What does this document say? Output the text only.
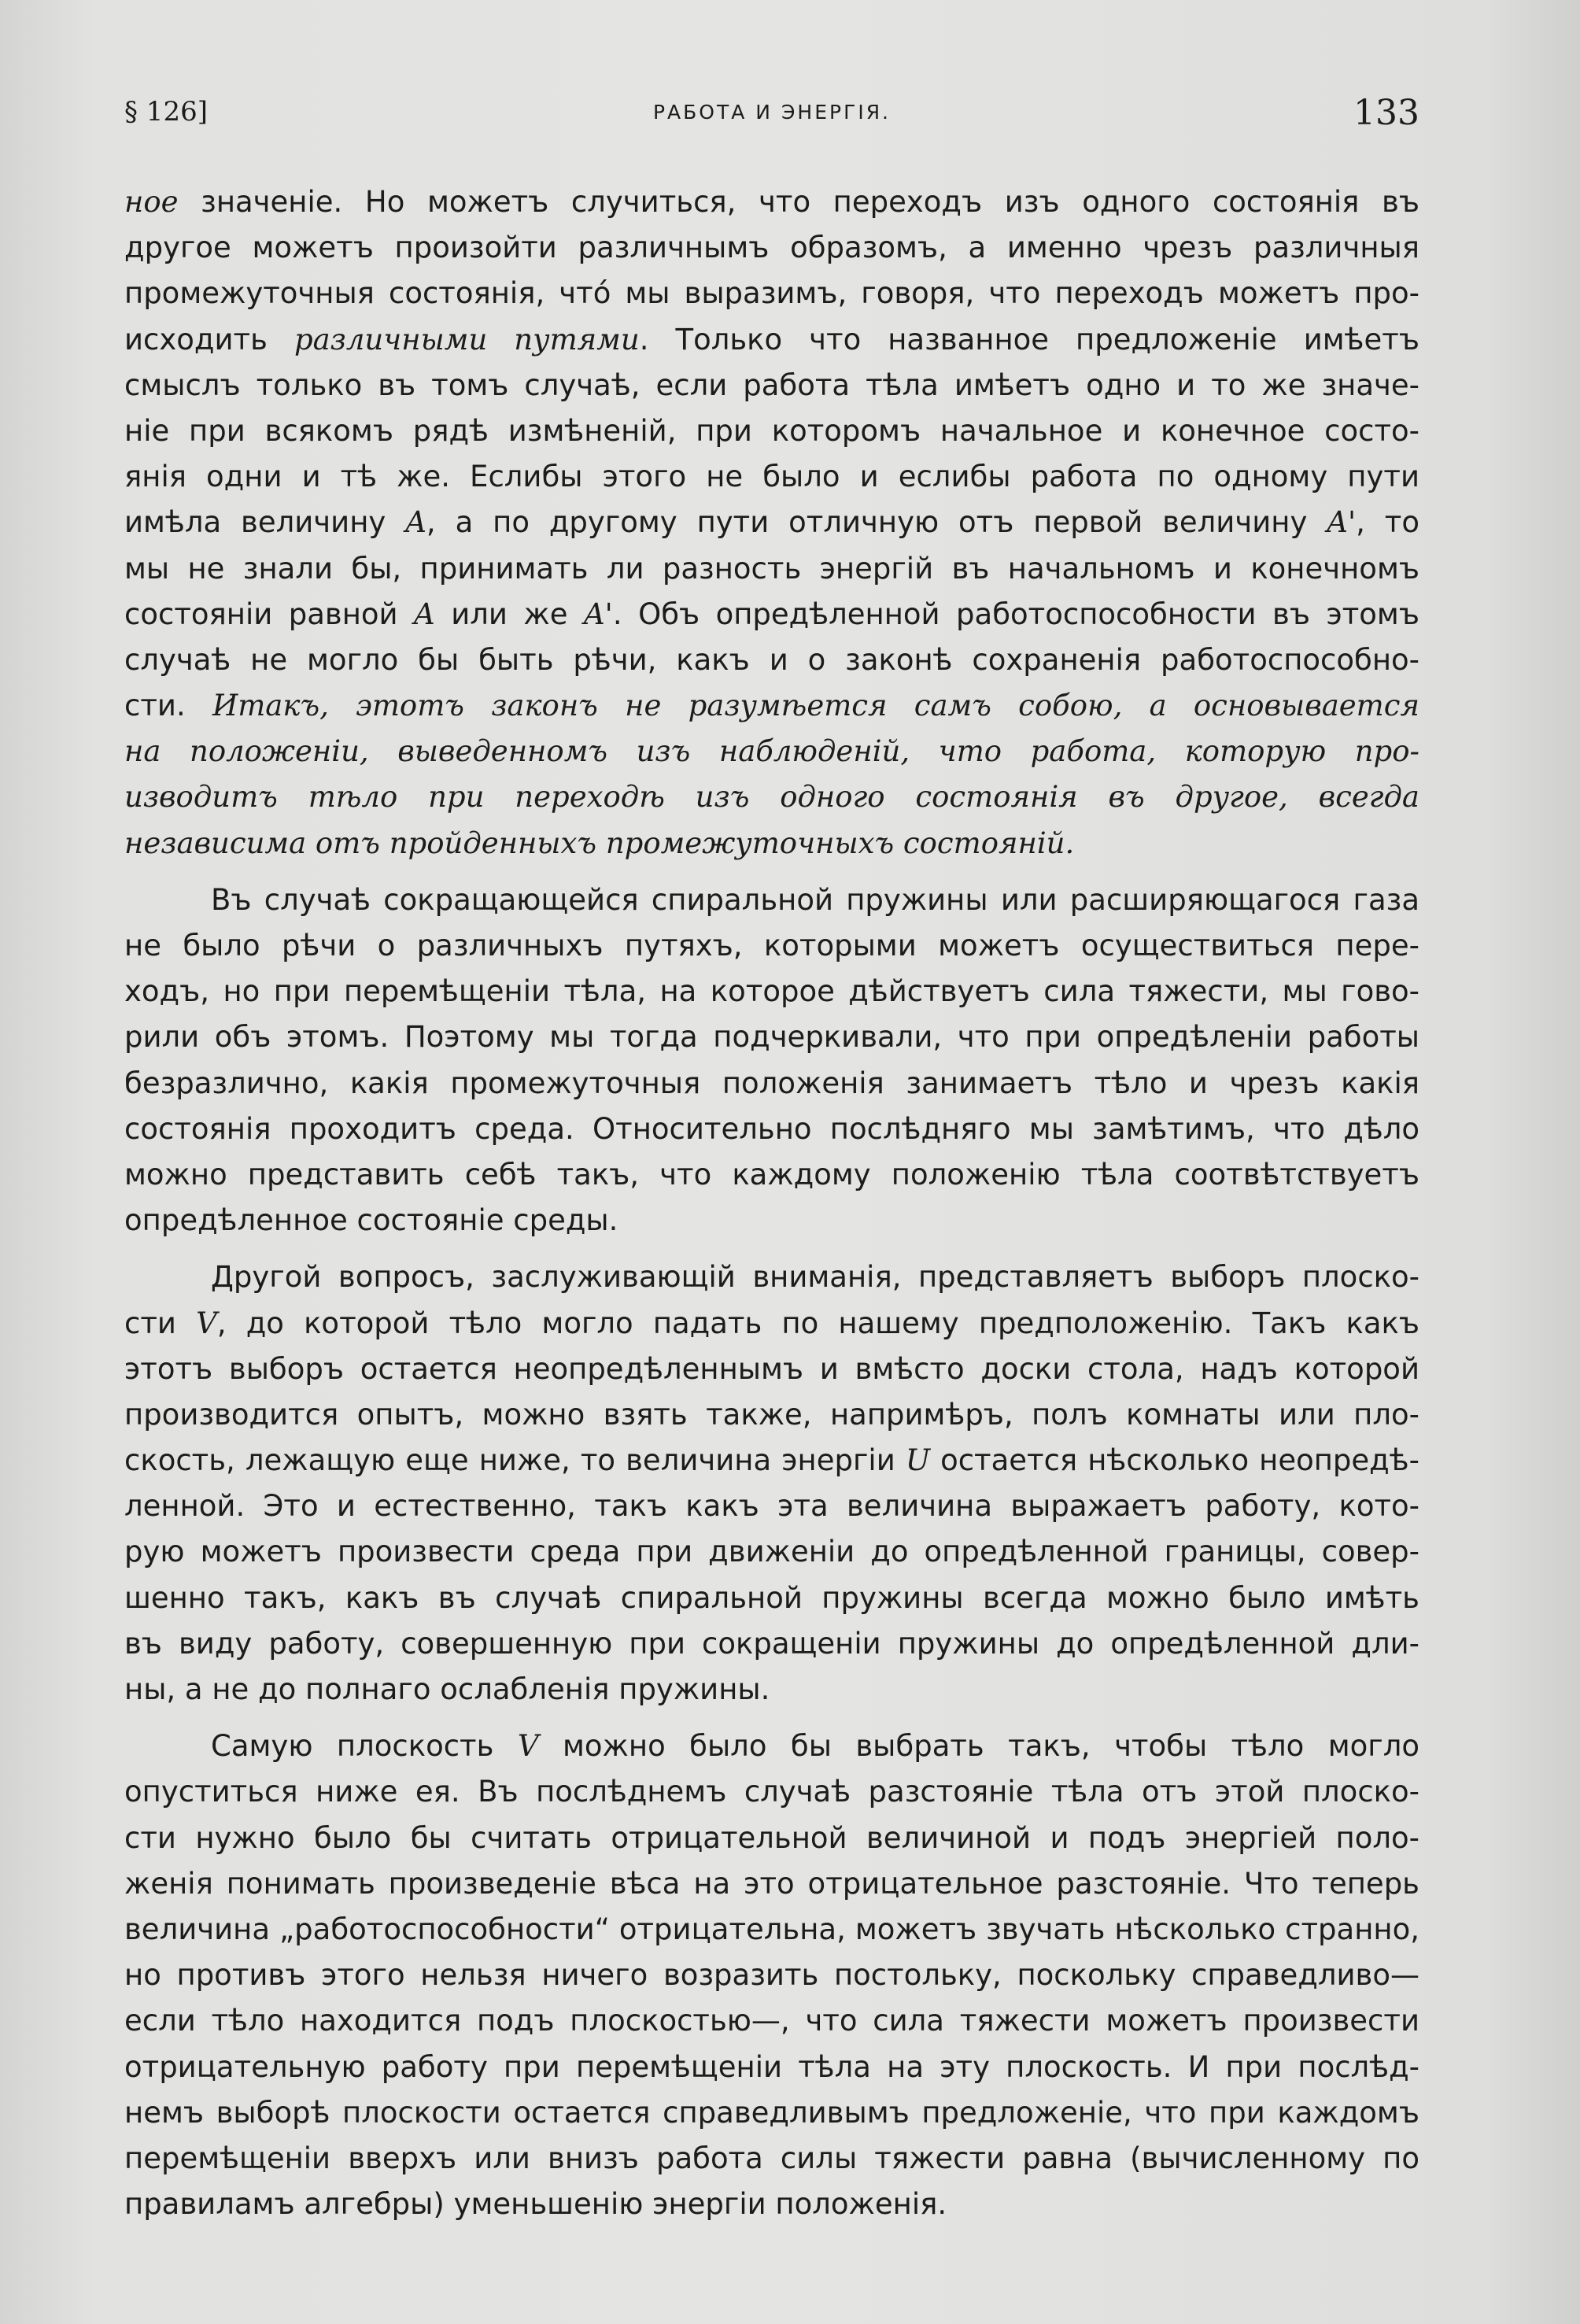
§ 126]	РАБОТА И ЭНЕРГІЯ.	133
ное значеніе. Но можетъ случиться, что переходъ изъ одного состоянія въ
другое можетъ произойти различнымъ образомъ, а именно чрезъ различныя
промежуточныя состоянія, чтó мы выразимъ, говоря, что переходъ можетъ про-
исходить различными путями. Только что названное предложеніе имѣетъ
смыслъ только въ томъ случаѣ, если работа тѣла имѣетъ одно и то же значе-
ніе при всякомъ рядѣ измѣненій, при которомъ начальное и конечное состо-
янія одни и тѣ же. Еслибы этого не было и еслибы работа по одному пути
имѣла величину A, а по другому пути отличную отъ первой величину A', то
мы не знали бы, принимать ли разность энергій въ начальномъ и конечномъ
состояніи равной A или же A'. Объ опредѣленной работоспособности въ этомъ
случаѣ не могло бы быть рѣчи, какъ и о законѣ сохраненія работоспособно-
сти. Итакъ, этотъ законъ не разумѣется самъ собою, а основывается
на положеніи, выведенномъ изъ наблюденій, что работа, которую про-
изводитъ тѣло при переходѣ изъ одного состоянія въ другое, всегда
независима отъ пройденныхъ промежуточныхъ состояній.
Въ случаѣ сокращающейся спиральной пружины или расширяющагося газа
не было рѣчи о различныхъ путяхъ, которыми можетъ осуществиться пере-
ходъ, но при перемѣщеніи тѣла, на которое дѣйствуетъ сила тяжести, мы гово-
рили объ этомъ. Поэтому мы тогда подчеркивали, что при опредѣленіи работы
безразлично, какія промежуточныя положенія занимаетъ тѣло и чрезъ какія
состоянія проходитъ среда. Относительно послѣдняго мы замѣтимъ, что дѣло
можно представить себѣ такъ, что каждому положенію тѣла соотвѣтствуетъ
опредѣленное состояніе среды.
Другой вопросъ, заслуживающій вниманія, представляетъ выборъ плоско-
сти V, до которой тѣло могло падать по нашему предположенію. Такъ какъ
этотъ выборъ остается неопредѣленнымъ и вмѣсто доски стола, надъ которой
производится опытъ, можно взять также, напримѣръ, полъ комнаты или пло-
скость, лежащую еще ниже, то величина энергіи U остается нѣсколько неопредѣ-
ленной. Это и естественно, такъ какъ эта величина выражаетъ работу, кото-
рую можетъ произвести среда при движеніи до опредѣленной границы, совер-
шенно такъ, какъ въ случаѣ спиральной пружины всегда можно было имѣть
въ виду работу, совершенную при сокращеніи пружины до опредѣленной дли-
ны, а не до полнаго ослабленія пружины.
Самую плоскость V можно было бы выбрать такъ, чтобы тѣло могло
опуститься ниже ея. Въ послѣднемъ случаѣ разстояніе тѣла отъ этой плоско-
сти нужно было бы считать отрицательной величиной и подъ энергіей поло-
женія понимать произведеніе вѣса на это отрицательное разстояніе. Что теперь
величина „работоспособности“ отрицательна, можетъ звучать нѣсколько странно,
но противъ этого нельзя ничего возразить постольку, поскольку справедливо—
если тѣло находится подъ плоскостью—, что сила тяжести можетъ произвести
отрицательную работу при перемѣщеніи тѣла на эту плоскость. И при послѣд-
немъ выборѣ плоскости остается справедливымъ предложеніе, что при каждомъ
перемѣщеніи вверхъ или внизъ работа силы тяжести равна (вычисленному по
правиламъ алгебры) уменьшенію энергіи положенія.
